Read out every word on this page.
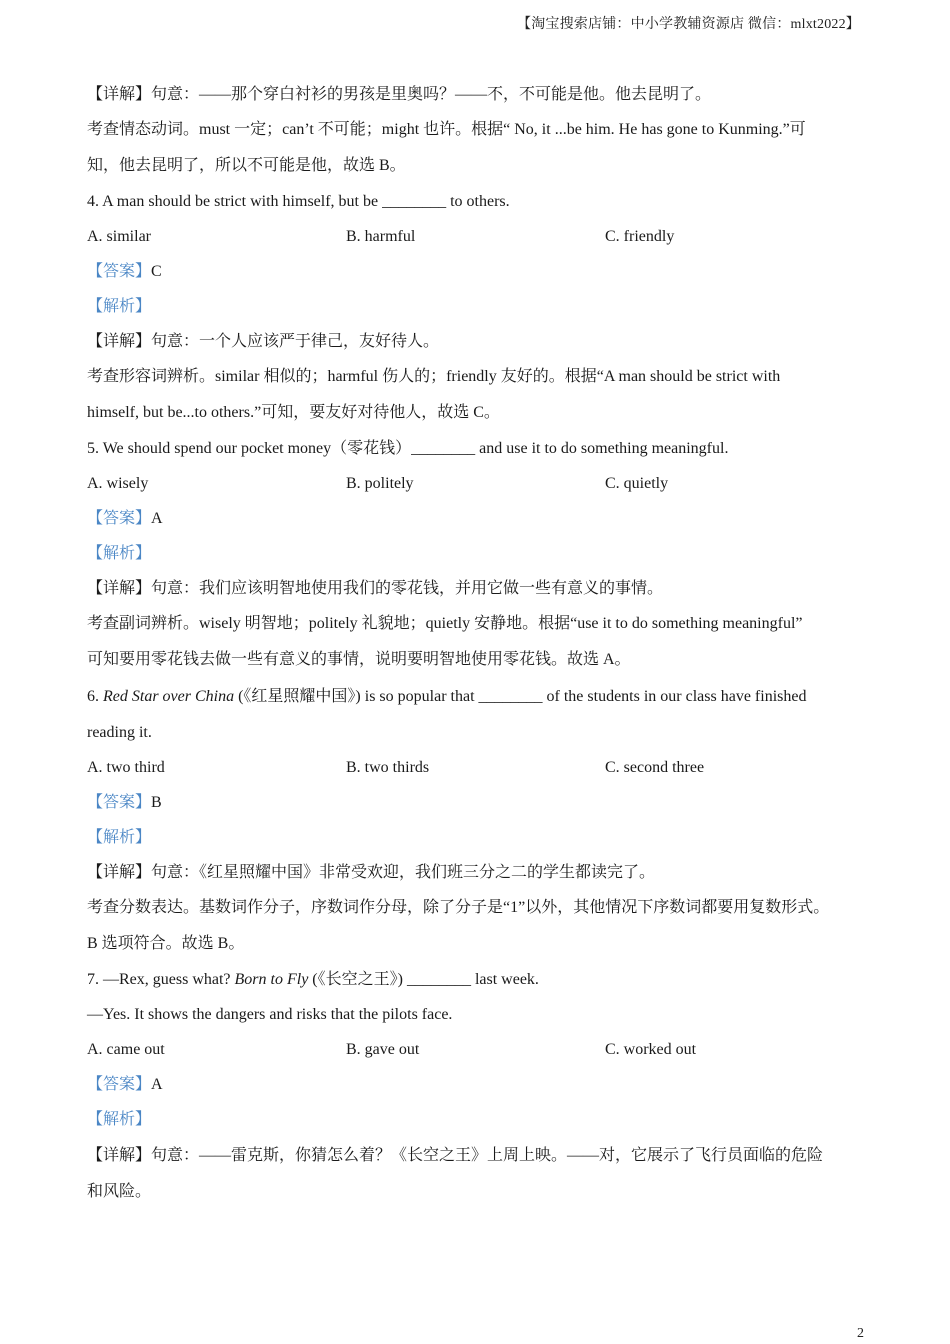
【淘宝搜索店铺：中小学教辅资源店 微信：mlxt2022】
【详解】句意：——那个穿白衬衫的男孩是里奥吗？——不，不可能是他。他去昆明了。
考查情态动词。must 一定；can’t 不可能；might 也许。根据“ No, it ...be him. He has gone to Kunming.”可
知，他去昆明了，所以不可能是他，故选 B。
4. A man should be strict with himself, but be ________ to others.
A. similar	B. harmful	C. friendly
【答案】C
【解析】
【详解】句意：一个人应该严于律己，友好待人。
考查形容词辨析。similar 相似的；harmful 伤人的；friendly 友好的。根据“A man should be strict with
himself, but be...to others.”可知，要友好对待他人，故选 C。
5. We should spend our pocket money（零花钱）________ and use it to do something meaningful.
A. wisely	B. politely	C. quietly
【答案】A
【解析】
【详解】句意：我们应该明智地使用我们的零花钱，并用它做一些有意义的事情。
考查副词辨析。wisely 明智地；politely 礼貌地；quietly 安静地。根据“use it to do something meaningful”
可知要用零花钱去做一些有意义的事情，说明要明智地使用零花钱。故选 A。
6. Red Star over China (《红星照耀中国》) is so popular that ________ of the students in our class have finished
reading it.
A. two third	B. two thirds	C. second three
【答案】B
【解析】
【详解】句意：《红星照耀中国》非常受欢迎，我们班三分之二的学生都读完了。
考查分数表达。基数词作分子，序数词作分母，除了分子是“1”以外，其他情况下序数词都要用复数形式。
B 选项符合。故选 B。
7. —Rex, guess what? Born to Fly (《长空之王》) ________ last week.
—Yes. It shows the dangers and risks that the pilots face.
A. came out	B. gave out	C. worked out
【答案】A
【解析】
【详解】句意：——雷克斯，你猜怎么着？《长空之王》上周上映。——对，它展示了飞行员面临的危险
和风险。
2
